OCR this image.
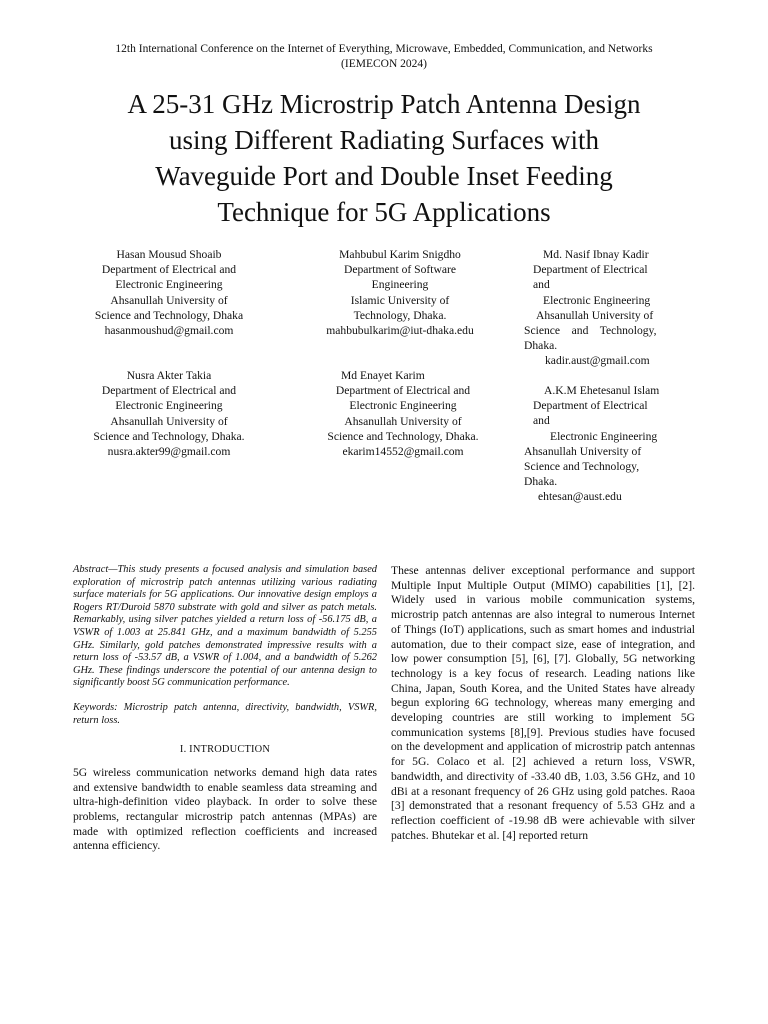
12th International Conference on the Internet of Everything, Microwave, Embedded, Communication, and Networks
(IEMECON 2024)
A 25-31 GHz Microstrip Patch Antenna Design
using Different Radiating Surfaces with
Waveguide Port and Double Inset Feeding
Technique for 5G Applications
Hasan Mousud Shoaib
Department of Electrical and
Electronic Engineering
Ahsanullah University of
Science and Technology, Dhaka
hasanmoushud@gmail.com
Mahbubul Karim Snigdho
Department of Software
Engineering
Islamic University of
Technology, Dhaka.
mahbubulkarim@iut-dhaka.edu
Md. Nasif Ibnay Kadir
Department of Electrical
and
Electronic Engineering
Ahsanullah University of
Science    and    Technology,
Dhaka.
kadir.aust@gmail.com
Nusra Akter Takia
Department of Electrical and
Electronic Engineering
Ahsanullah University of
Science and Technology, Dhaka.
nusra.akter99@gmail.com
Md Enayet Karim
Department of Electrical and
Electronic Engineering
Ahsanullah University of
Science and Technology, Dhaka.
ekarim14552@gmail.com
A.K.M Ehetesanul Islam
Department of Electrical
and
Electronic Engineering
Ahsanullah University of
Science and Technology,
Dhaka.
ehtesan@aust.edu

Abstract—This study presents a focused analysis and simulation based exploration of microstrip patch antennas utilizing various radiating surface materials for 5G applications. Our innovative design employs a Rogers RT/Duroid 5870 substrate with gold and silver as patch metals. Remarkably, using silver patches yielded a return loss of -56.175 dB, a VSWR of 1.003 at 25.841 GHz, and a maximum bandwidth of 5.255 GHz. Similarly, gold patches demonstrated impressive results with a return loss of -53.57 dB, a VSWR of 1.004, and a bandwidth of 5.262 GHz. These findings underscore the potential of our antenna design to significantly boost 5G communication performance.

Keywords: Microstrip patch antenna, directivity, bandwidth, VSWR, return loss.

I. INTRODUCTION

5G wireless communication networks demand high data rates and extensive bandwidth to enable seamless data streaming and ultra-high-definition video playback. In order to solve these problems, rectangular microstrip patch antennas (MPAs) are made with optimized reflection coefficients and increased antenna efficiency.

These antennas deliver exceptional performance and support Multiple Input Multiple Output (MIMO) capabilities [1], [2]. Widely used in various mobile communication systems, microstrip patch antennas are also integral to numerous Internet of Things (IoT) applications, such as smart homes and industrial automation, due to their compact size, ease of integration, and low power consumption [5], [6], [7]. Globally, 5G networking technology is a key focus of research. Leading nations like China, Japan, South Korea, and the United States have already begun exploring 6G technology, whereas many emerging and developing countries are still working to implement 5G communication systems [8],[9]. Previous studies have focused on the development and application of microstrip patch antennas for 5G. Colaco et al. [2] achieved a return loss, VSWR, bandwidth, and directivity of -33.40 dB, 1.03, 3.56 GHz, and 10 dBi at a resonant frequency of 26 GHz using gold patches. Raoa [3] demonstrated that a resonant frequency of 5.53 GHz and a reflection coefficient of -19.98 dB were achievable with silver patches. Bhutekar et al. [4] reported return
